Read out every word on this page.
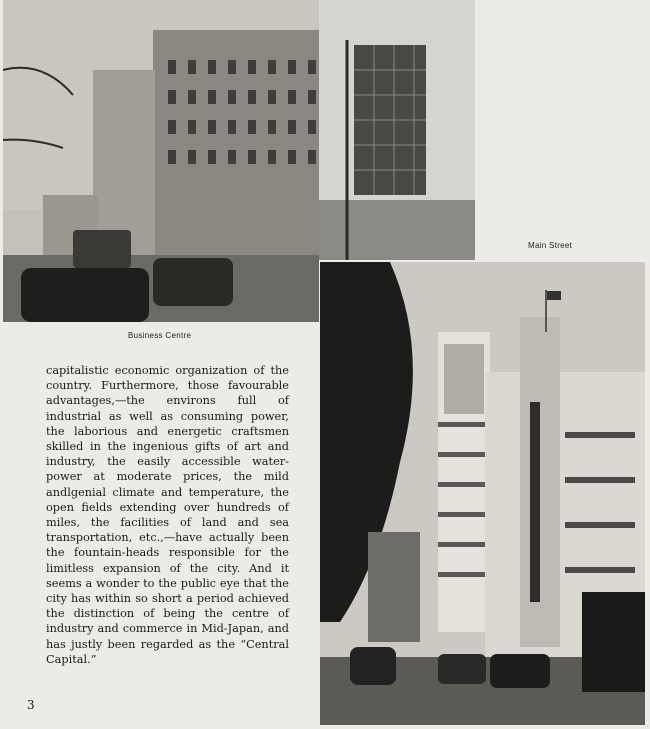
Main Street
Business Centre

capitalistic economic organization of the country. Furthermore, those favourable advantages,—the environs full of industrial as well as consuming power, the laborious and energetic craftsmen skilled in the ingenious gifts of art and industry, the easily accessible water-power at moderate prices, the mild andlgenial climate and temperature, the open fields extending over hundreds of miles, the facilities of land and sea transportation, etc.,—have actually been the fountain-heads responsible for the limitless expansion of the city. And it seems a wonder to the public eye that the city has within so short a period achieved the distinction of being the centre of industry and commerce in Mid-Japan, and has justly been regarded as the “Central Capital.”

3
